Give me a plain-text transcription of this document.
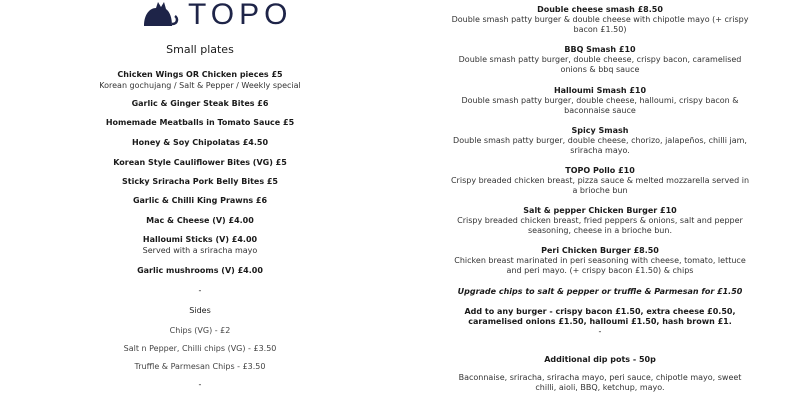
TOPO
Small plates
Chicken Wings OR Chicken pieces £5
Korean gochujang / Salt & Pepper / Weekly special
Garlic & Ginger Steak Bites £6
Homemade Meatballs in Tomato Sauce £5
Honey & Soy Chipolatas £4.50
Korean Style Cauliflower Bites (VG) £5
Sticky Sriracha Pork Belly Bites £5
Garlic & Chilli King Prawns £6
Mac & Cheese (V) £4.00
Halloumi Sticks (V) £4.00
Served with a sriracha mayo
Garlic mushrooms (V) £4.00
-
Sides
Chips (VG) - £2
Salt n Pepper, Chilli chips (VG) - £3.50
Truffle & Parmesan Chips - £3.50
-
Double cheese smash £8.50
Double smash patty burger & double cheese with chipotle mayo (+ crispy bacon £1.50)
BBQ Smash £10
Double smash patty burger, double cheese, crispy bacon, caramelised onions & bbq sauce
Halloumi Smash £10
Double smash patty burger, double cheese, halloumi, crispy bacon & baconnaise sauce
Spicy Smash
Double smash patty burger, double cheese, chorizo, jalapeños, chilli jam, sriracha mayo.
TOPO Pollo £10
Crispy breaded chicken breast, pizza sauce & melted mozzarella served in a brioche bun
Salt & pepper Chicken Burger £10
Crispy breaded chicken breast, fried peppers & onions, salt and pepper seasoning, cheese in a brioche bun.
Peri Chicken Burger £8.50
Chicken breast marinated in peri seasoning with cheese, tomato, lettuce and peri mayo. (+ crispy bacon £1.50) & chips
Upgrade chips to salt & pepper or truffle & Parmesan for £1.50
Add to any burger - crispy bacon £1.50, extra cheese £0.50, caramelised onions £1.50, halloumi £1.50, hash brown £1.
-
Additional dip pots - 50p
Baconnaise, sriracha, sriracha mayo, peri sauce, chipotle mayo, sweet chilli, aioli, BBQ, ketchup, mayo.
